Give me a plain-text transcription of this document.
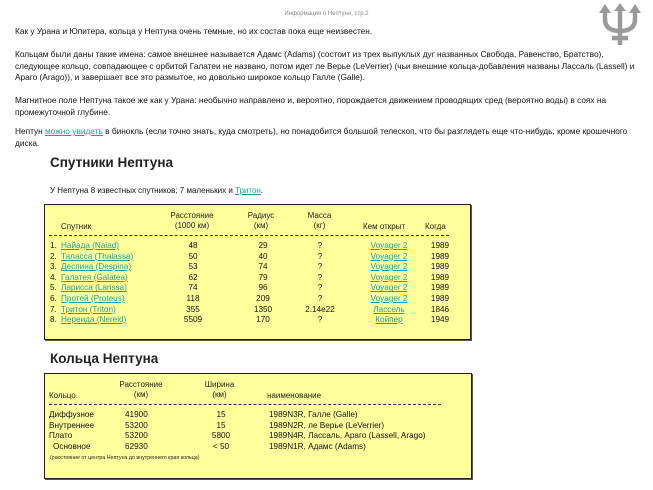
Информация о Нептуне, стр.2
Как у Урана и Юпитера, кольца у Нептуна очень темные, но их состав пока еще неизвестен.
Кольцам были даны такие имена: самое внешнее называется Адамс (Adams) (состоит из трех выпуклых дуг названных Свобода, Равенство, Братство), следующее кольцо, совпадающее с орбитой Галатеи не названо, потом идет ле Верье (LeVerrier) (чьи внешние кольца-добавления названы Лассаль (Lassell) и Араго (Arago)), и завершает все это размытое, но довольно широкое кольцо Галле (Galle).
Магнитное поле Нептуна такое же как у Урана: необычно направлено и, вероятно, порождается движением проводящих сред (вероятно воды) в соях на промежуточной глубине.
Нептун можно увидеть в бинокль (если точно знать, куда смотреть), но понадобится большой телескоп, что бы разглядеть еще что-нибудь, кроме крошечного диска.
Спутники Нептуна
У Нептуна 8 известных спутников; 7 маленьких и Тритон.
Спутник
Расстояние
(1000 км)
Радиус
(км)
Масса
(кг)	Кем открыт Когда
1. Найада (Naiad)	48	29	?	Voyager 2	1989
2. Таласса (Thalassa)	50	40	?	Voyager 2	1989
3. Деспина (Despina)	53	74	?	Voyager 2	1989
4. Галатея (Galatea)	62	79	?	Voyager 2	1989
5. Ларисса (Larissa)	74	96	?	Voyager 2	1989
6. Протей (Proteus)	118	209	?	Voyager 2	1989
7. Тритон (Triton)	355	1350	2.14e22	Лассель	1846
8. Нереида (Nereid)	5509	170	?	Койпер	1949
Кольца Нептуна
Кольцо
Расстояние
(км)
Ширина
(км)	наименование
Диффузное	41900	15	1989N3R, Галле (Galle)
Внутреннее	53200	15	1989N2R, ле Верье (LeVerrier)
Плато	53200	5800	1989N4R, Лассаль, Араго (Lassell, Arago)
Основное	62930	< 50	1989N1R, Адамс (Adams)
(расстояние от центра Нептуна до внутреннего края кольца)
